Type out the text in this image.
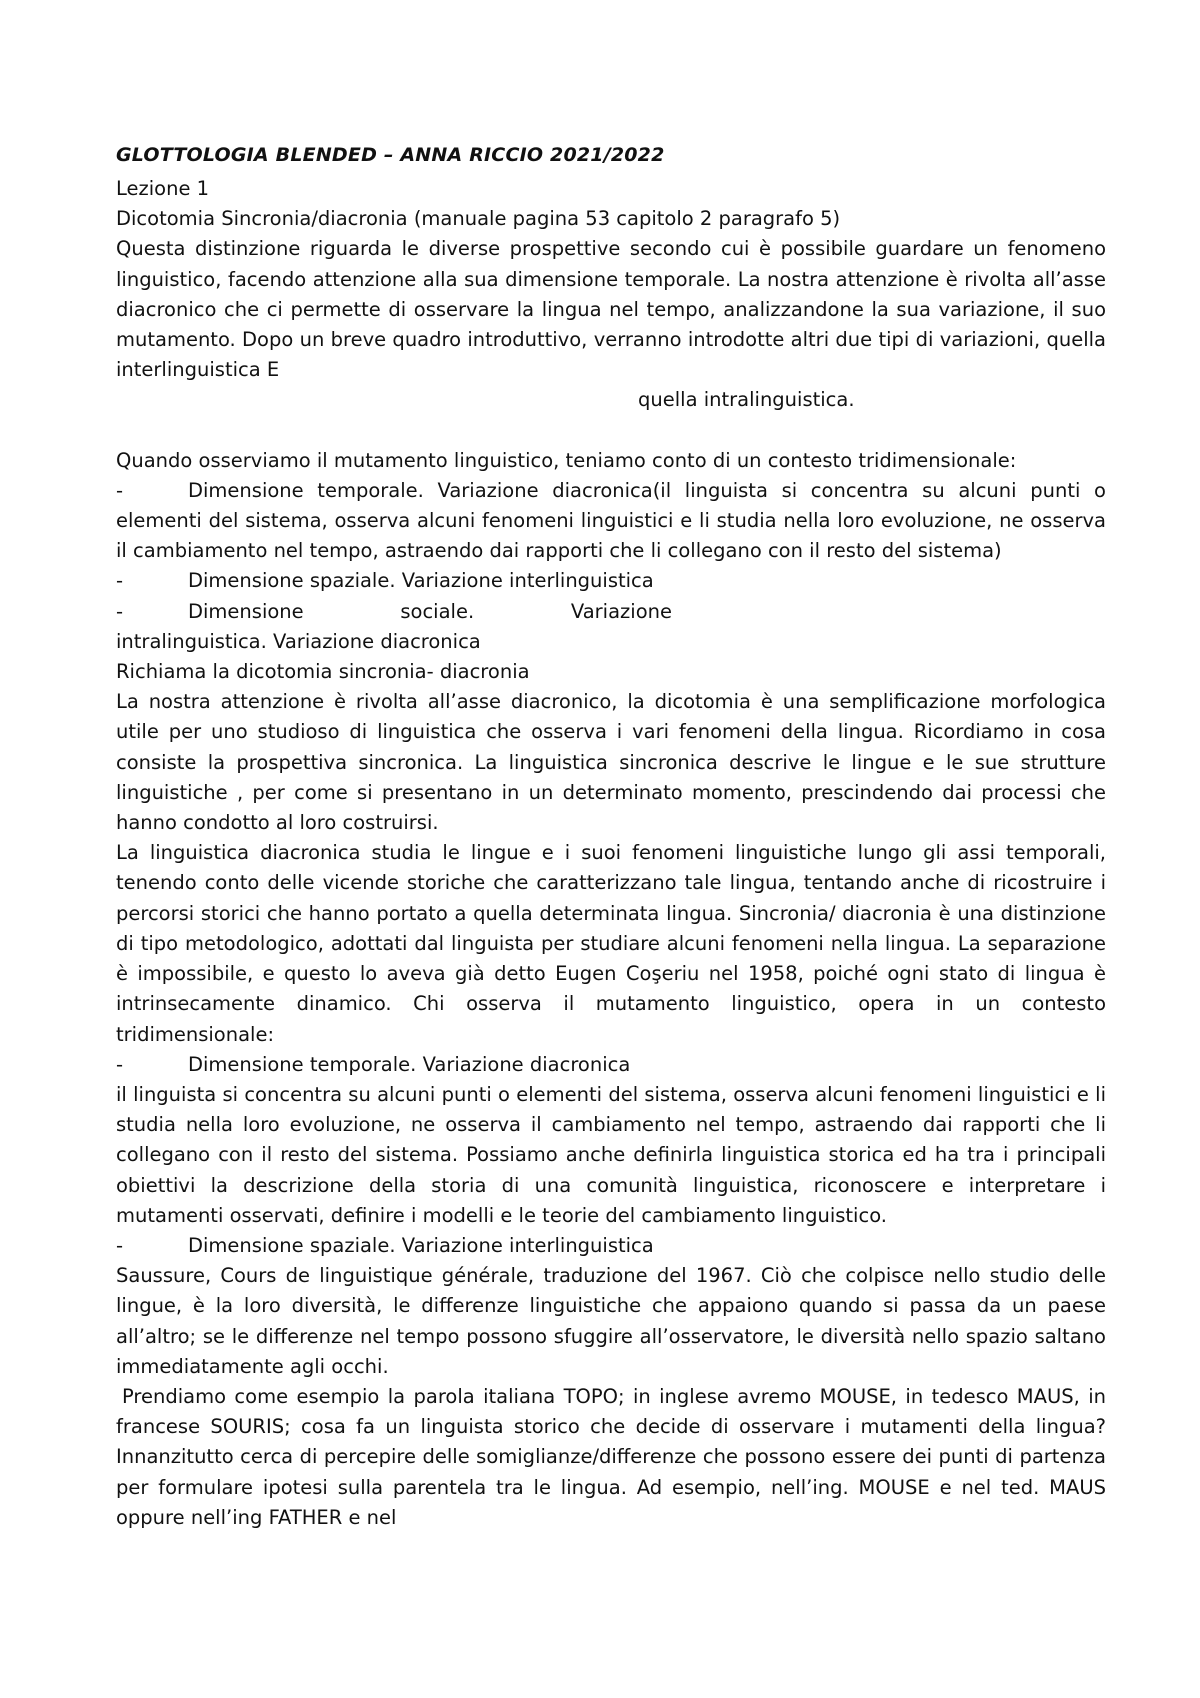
GLOTTOLOGIA BLENDED – ANNA RICCIO 2021/2022

Lezione 1

Dicotomia Sincronia/diacronia (manuale pagina 53 capitolo 2 paragrafo 5)

Questa distinzione riguarda le diverse prospettive secondo cui è possibile guardare un fenomeno linguistico, facendo attenzione alla sua dimensione temporale. La nostra attenzione è rivolta all’asse diacronico che ci permette di osservare la lingua nel tempo, analizzandone la sua variazione, il suo mutamento. Dopo un breve quadro introduttivo, verranno introdotte altri due tipi di variazioni, quella interlinguistica E

quella intralinguistica.

Quando osserviamo il mutamento linguistico, teniamo conto di un contesto tridimensionale:

-	Dimensione temporale. Variazione diacronica(il linguista si concentra su alcuni punti o elementi del sistema, osserva alcuni fenomeni linguistici e li studia nella loro evoluzione, ne osserva il cambiamento nel tempo, astraendo dai rapporti che li collegano con il resto del sistema)

-	Dimensione spaziale. Variazione interlinguistica
-	Dimensione	sociale.	Variazione

intralinguistica. Variazione diacronica

Richiama la dicotomia sincronia- diacronia

La nostra attenzione è rivolta all’asse diacronico, la dicotomia è una semplificazione morfologica utile per uno studioso di linguistica che osserva i vari fenomeni della lingua. Ricordiamo in cosa consiste la prospettiva sincronica. La linguistica sincronica descrive le lingue e le sue strutture linguistiche , per come si presentano in un determinato momento, prescindendo dai processi che hanno condotto al loro costruirsi.

La linguistica diacronica studia le lingue e i suoi fenomeni linguistiche lungo gli assi temporali, tenendo conto delle vicende storiche che caratterizzano tale lingua, tentando anche di ricostruire i percorsi storici che hanno portato a quella determinata lingua. Sincronia/ diacronia è una distinzione di tipo metodologico, adottati dal linguista per studiare alcuni fenomeni nella lingua. La separazione è impossibile, e questo lo aveva già detto Eugen Coşeriu nel 1958, poiché ogni stato di lingua è intrinsecamente dinamico. Chi osserva il mutamento linguistico, opera in un contesto tridimensionale:

-	Dimensione temporale. Variazione diacronica

il linguista si concentra su alcuni punti o elementi del sistema, osserva alcuni fenomeni linguistici e li studia nella loro evoluzione, ne osserva il cambiamento nel tempo, astraendo dai rapporti che li collegano con il resto del sistema. Possiamo anche definirla linguistica storica ed ha tra i principali obiettivi la descrizione della storia di una comunità linguistica, riconoscere e interpretare i mutamenti osservati, definire i modelli e le teorie del cambiamento linguistico.

-	Dimensione spaziale. Variazione interlinguistica

Saussure, Cours de linguistique générale, traduzione del 1967. Ciò che colpisce nello studio delle lingue, è la loro diversità, le differenze linguistiche che appaiono quando si passa da un paese all’altro; se le differenze nel tempo possono sfuggire all’osservatore, le diversità nello spazio saltano immediatamente agli occhi.

Prendiamo come esempio la parola italiana TOPO; in inglese avremo MOUSE, in tedesco MAUS, in francese SOURIS; cosa fa un linguista storico che decide di osservare i mutamenti della lingua? Innanzitutto cerca di percepire delle somiglianze/differenze che possono essere dei punti di partenza per formulare ipotesi sulla parentela tra le lingua. Ad esempio, nell’ing. MOUSE e nel ted. MAUS oppure nell’ing FATHER e nel
